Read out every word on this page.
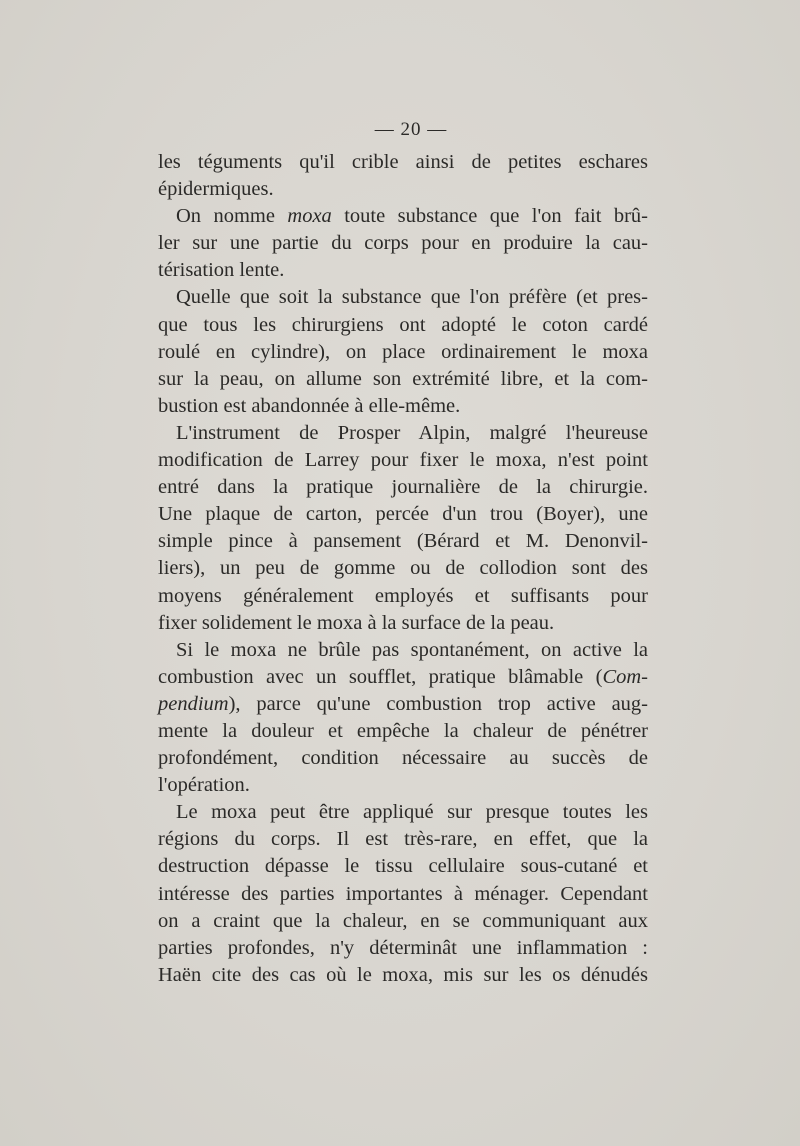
— 20 —
les téguments qu'il crible ainsi de petites eschares
épidermiques.
On nomme moxa toute substance que l'on fait brû-
ler sur une partie du corps pour en produire la cau-
térisation lente.
Quelle que soit la substance que l'on préfère (et pres-
que tous les chirurgiens ont adopté le coton cardé
roulé en cylindre), on place ordinairement le moxa
sur la peau, on allume son extrémité libre, et la com-
bustion est abandonnée à elle-même.
L'instrument de Prosper Alpin, malgré l'heureuse
modification de Larrey pour fixer le moxa, n'est point
entré dans la pratique journalière de la chirurgie.
Une plaque de carton, percée d'un trou (Boyer), une
simple pince à pansement (Bérard et M. Denonvil-
liers), un peu de gomme ou de collodion sont des
moyens généralement employés et suffisants pour
fixer solidement le moxa à la surface de la peau.
Si le moxa ne brûle pas spontanément, on active la
combustion avec un soufflet, pratique blâmable (Com-
pendium), parce qu'une combustion trop active aug-
mente la douleur et empêche la chaleur de pénétrer
profondément, condition nécessaire au succès de
l'opération.
Le moxa peut être appliqué sur presque toutes les
régions du corps. Il est très-rare, en effet, que la
destruction dépasse le tissu cellulaire sous-cutané et
intéresse des parties importantes à ménager. Cependant
on a craint que la chaleur, en se communiquant aux
parties profondes, n'y déterminât une inflammation :
Haën cite des cas où le moxa, mis sur les os dénudés
